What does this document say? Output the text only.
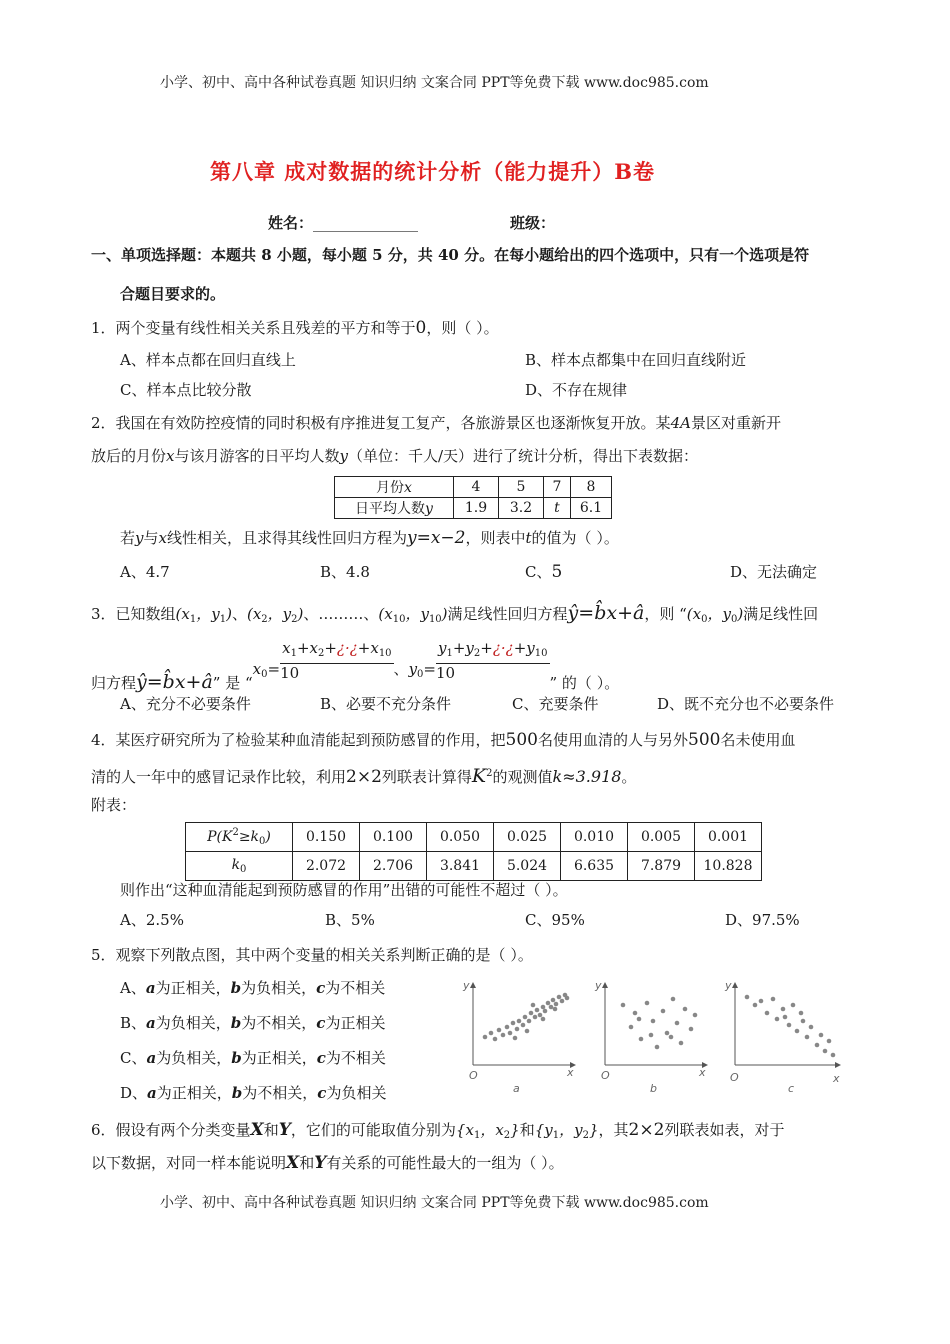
小学、初中、高中各种试卷真题 知识归纳 文案合同 PPT等免费下载 www.doc985.com
第八章 成对数据的统计分析（能力提升）B卷
姓名：______________	班级：
一、单项选择题：本题共 8 小题，每小题 5 分，共 40 分。在每小题给出的四个选项中，只有一个选项是符
合题目要求的。
1．两个变量有线性相关关系且残差的平方和等于0，则（ ）。
A、样本点都在回归直线上	B、样本点都集中在回归直线附近
C、样本点比较分散	D、不存在规律
2．我国在有效防控疫情的同时积极有序推进复工复产，各旅游景区也逐渐恢复开放。某4A景区对重新开
放后的月份x与该月游客的日平均人数y（单位：千人/天）进行了统计分析，得出下表数据：
月份x	4	5	7	8
日平均人数y	1.9	3.2	t	6.1
若y与x线性相关，且求得其线性回归方程为y=x−2，则表中t的值为（ ）。
A、4.7	B、4.8	C、5	D、无法确定
3．已知数组($x_1$，$y_1$)、($x_2$，$y_2$)、………、($x_{10}$，$y_{10}$)满足线性回归方程ŷ=b̂x+â，则 “($x_0$，$y_0$)满足线性回
归方程ŷ=b̂x+â” 是 “$x_0= \frac{x_1+x_2+¿\cdot¿+x_{10}}{10}$ 、$y_0= \frac{y_1+y_2+¿\cdot¿+y_{10}}{10}$
” 的（ ）。
A、充分不必要条件	B、必要不充分条件	C、充要条件	D、既不充分也不必要条件
4．某医疗研究所为了检验某种血清能起到预防感冒的作用，把500名使用血清的人与另外500名未使用血
清的人一年中的感冒记录作比较，利用2×2列联表计算得$K^2$的观测值k≈3.918。
附表：
$P(K^2\ge k_0)$	0.150	0.100	0.050	0.025	0.010	0.005	0.001
$k_0$	2.072	2.706	3.841	5.024	6.635	7.879	10.828
则作出“这种血清能起到预防感冒的作用”出错的可能性不超过（ ）。
A、2.5%	B、5%	C、95%	D、97.5%
5．观察下列散点图，其中两个变量的相关关系判断正确的是（ ）。
A、a为正相关，b为负相关，c为不相关
B、a为负相关，b为不相关，c为正相关
C、a为负相关，b为正相关，c为不相关
D、a为正相关，b为不相关，c为负相关
y
x
O
a
y
x
O
b
y
x
O
c
6．假设有两个分类变量X和Y，它们的可能取值分别为{$x_1$，$x_2$}和{$y_1$，$y_2$}，其2×2列联表如表，对于
以下数据，对同一样本能说明X和Y有关系的可能性最大的一组为（ ）。
小学、初中、高中各种试卷真题 知识归纳 文案合同 PPT等免费下载 www.doc985.com
